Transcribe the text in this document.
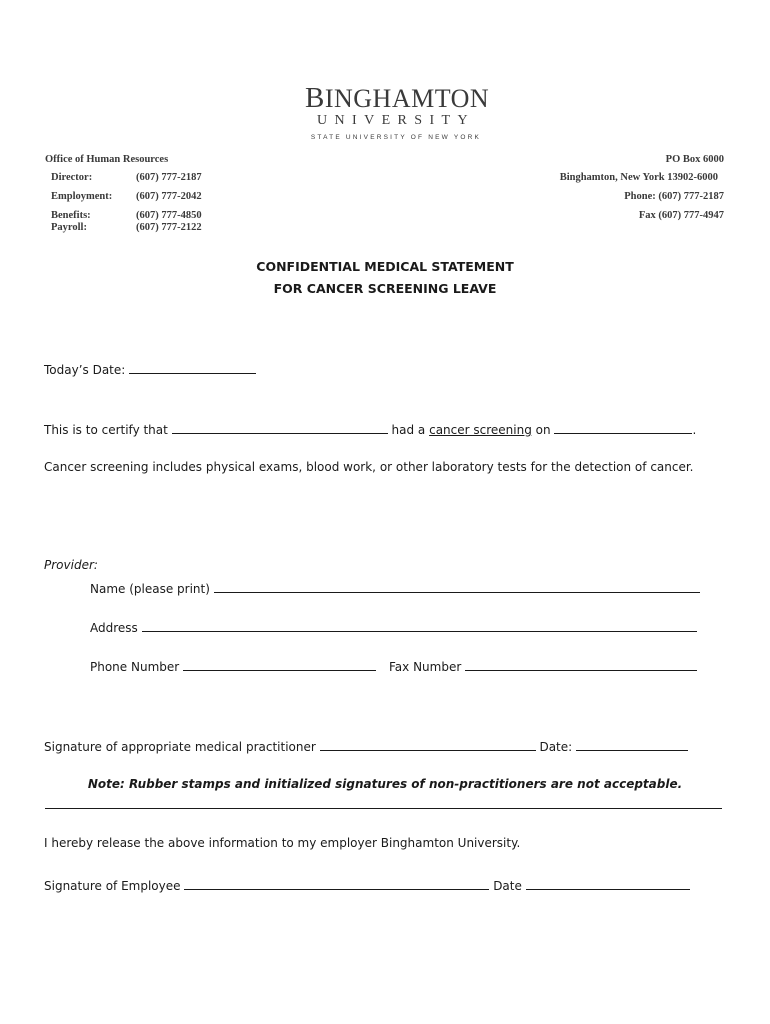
BINGHAMTON
UNIVERSITY
STATE UNIVERSITY OF NEW YORK
Office of Human Resources
Director:	(607) 777-2187
Employment: (607) 777-2042
Benefits:	(607) 777-4850
Payroll:	(607) 777-2122
PO Box 6000
Binghamton, New York 13902-6000
Phone: (607) 777-2187
Fax (607) 777-4947
CONFIDENTIAL MEDICAL STATEMENT
FOR CANCER SCREENING LEAVE
Today’s Date:
This is to certify that	had a cancer screening on	.
Cancer screening includes physical exams, blood work, or other laboratory tests for the detection of cancer.
Provider:
Name (please print)
Address
Phone Number	Fax Number
Signature of appropriate medical practitioner	Date:
Note: Rubber stamps and initialized signatures of non-practitioners are not acceptable.
I hereby release the above information to my employer Binghamton University.
Signature of Employee	Date
